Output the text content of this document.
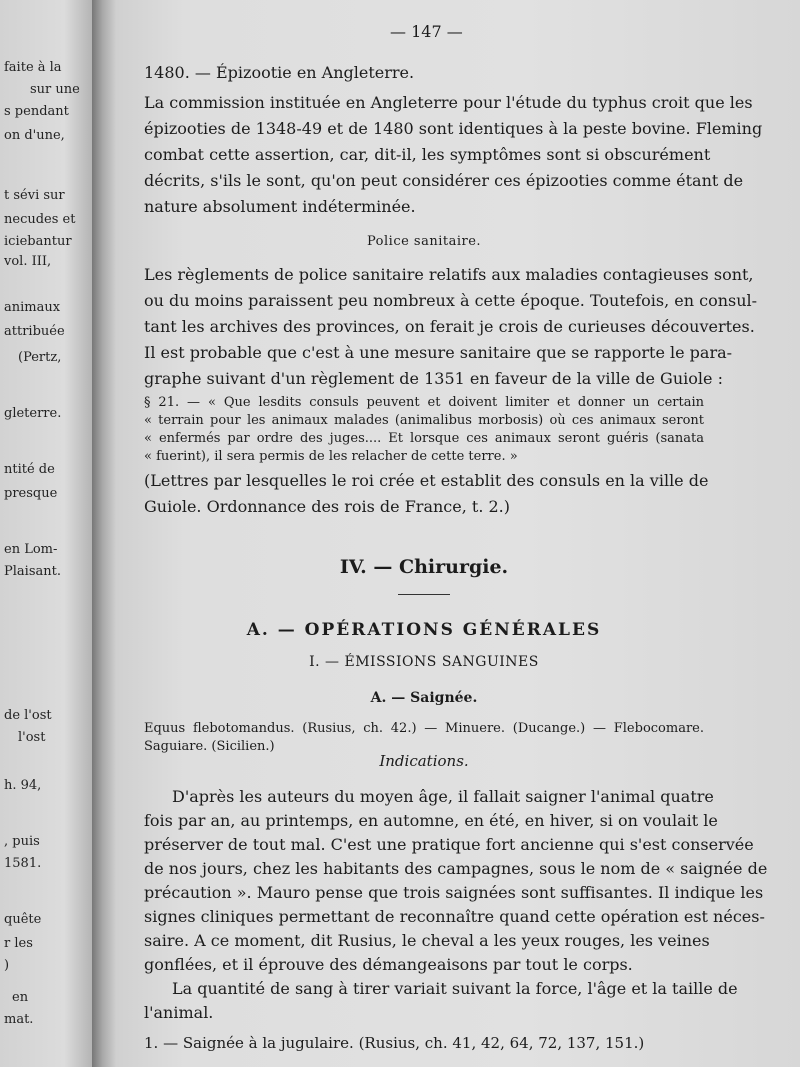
faite à la
sur une
s pendant
on d'une,
t sévi sur
necudes et
iciebantur
vol. III,
animaux
attribuée
(Pertz,
gleterre.
ntité de
presque
en Lom-
Plaisant.
de l'ost
l'ost
h. 94,
, puis
1581.
quête
r les
)
en
mat.
— 147 —
1480. — Épizootie en Angleterre.
La commission instituée en Angleterre pour l'étude du typhus croit que les
épizooties de 1348-49 et de 1480 sont identiques à la peste bovine. Fleming
combat cette assertion, car, dit-il, les symptômes sont si obscurément
décrits, s'ils le sont, qu'on peut considérer ces épizooties comme étant de
nature absolument indéterminée.
Police sanitaire.
Les règlements de police sanitaire relatifs aux maladies contagieuses sont,
ou du moins paraissent peu nombreux à cette époque. Toutefois, en consul-
tant les archives des provinces, on ferait je crois de curieuses découvertes.
Il est probable que c'est à une mesure sanitaire que se rapporte le para-
graphe suivant d'un règlement de 1351 en faveur de la ville de Guiole :
§ 21. — « Que lesdits consuls peuvent et doivent limiter et donner un certain
« terrain pour les animaux malades (animalibus morbosis) où ces animaux seront
« enfermés par ordre des juges.... Et lorsque ces animaux seront guéris (sanata
« fuerint), il sera permis de les relacher de cette terre. »
(Lettres par lesquelles le roi crée et establit des consuls en la ville de
Guiole. Ordonnance des rois de France, t. 2.)
IV. — Chirurgie.
A. — OPÉRATIONS GÉNÉRALES
I. — ÉMISSIONS SANGUINES
A. — Saignée.
Equus flebotomandus. (Rusius, ch. 42.) — Minuere. (Ducange.) — Flebocomare.
Saguiare. (Sicilien.)
Indications.
D'après les auteurs du moyen âge, il fallait saigner l'animal quatre
fois par an, au printemps, en automne, en été, en hiver, si on voulait le
préserver de tout mal. C'est une pratique fort ancienne qui s'est conservée
de nos jours, chez les habitants des campagnes, sous le nom de « saignée de
précaution ». Mauro pense que trois saignées sont suffisantes. Il indique les
signes cliniques permettant de reconnaître quand cette opération est néces-
saire. A ce moment, dit Rusius, le cheval a les yeux rouges, les veines
gonflées, et il éprouve des démangeaisons par tout le corps.
La quantité de sang à tirer variait suivant la force, l'âge et la taille de
l'animal.
1. — Saignée à la jugulaire. (Rusius, ch. 41, 42, 64, 72, 137, 151.)
